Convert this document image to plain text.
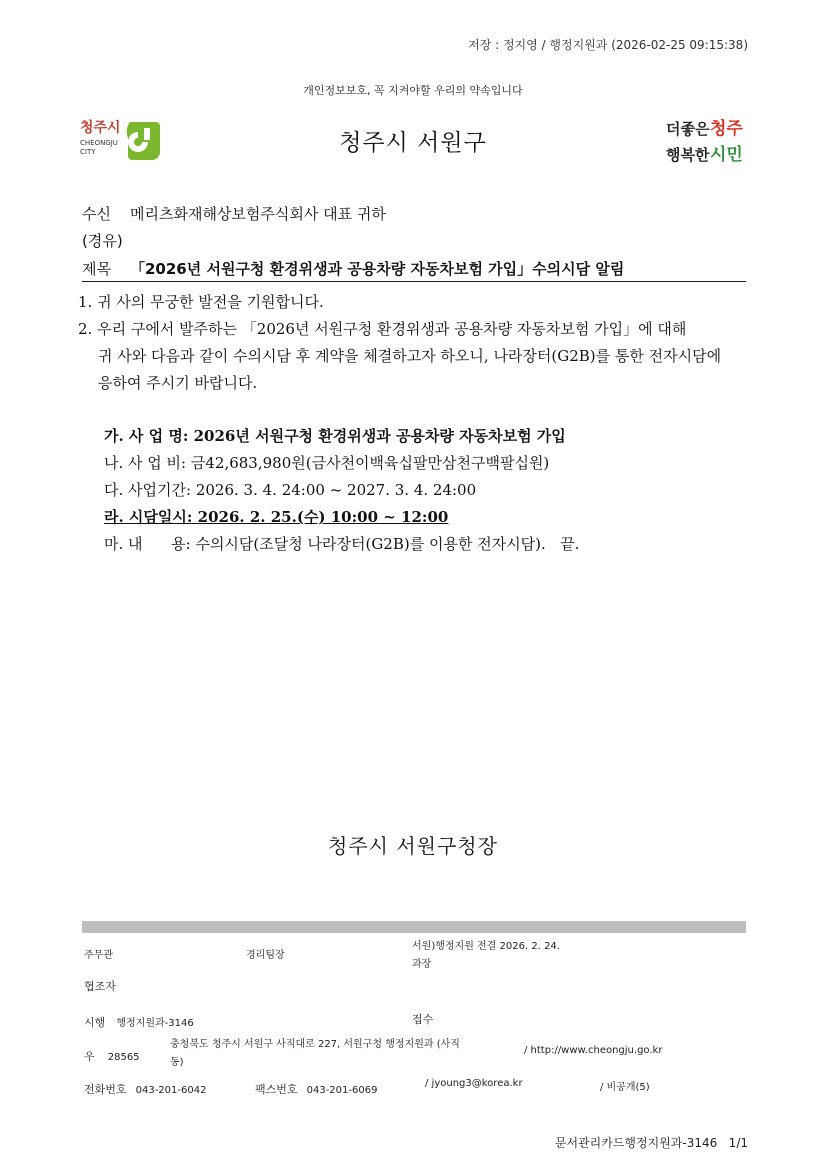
저장 : 정지영 / 행정지원과 (2026-02-25 09:15:38)
개인정보보호, 꼭 지켜야할 우리의 약속입니다
청주시
CHEONGJU
CITY	청주시 서원구
더좋은 청주
행복한 시민
수신 메리츠화재해상보험주식회사 대표 귀하
(경유)
제목 「2026년 서원구청 환경위생과 공용차량 자동차보험 가입」수의시담 알림
1. 귀 사의 무궁한 발전을 기원합니다.
2. 우리 구에서 발주하는 「2026년 서원구청 환경위생과 공용차량 자동차보험 가입」에 대해
귀 사와 다음과 같이 수의시담 후 계약을 체결하고자 하오니, 나라장터(G2B)를 통한 전자시담에
응하여 주시기 바랍니다.
가. 사 업 명: 2026년 서원구청 환경위생과 공용차량 자동차보험 가입
나. 사 업 비: 금42,683,980원(금사천이백육십팔만삼천구백팔십원)
다. 사업기간: 2026. 3. 4. 24:00 ~ 2027. 3. 4. 24:00
라. 시담일시: 2026. 2. 25.(수) 10:00 ~ 12:00
마. 내      용: 수의시담(조달청 나라장터(G2B)를 이용한 전자시담).   끝.
청주시 서원구청장
주무관	경리팀장
서원)행정지원 전결 2026. 2. 24.
과장
협조자
시행 행정지원과-3146	접수
우 28565
충청북도 청주시 서원구 사직대로 227, 서원구청 행정지원과 (사직
동)
/ http://www.cheongju.go.kr
전화번호 043-201-6042	팩스번호 043-201-6069
/ jyoung3@korea.kr	/ 비공개(5)
문서관리카드행정지원과-3146   1/1
